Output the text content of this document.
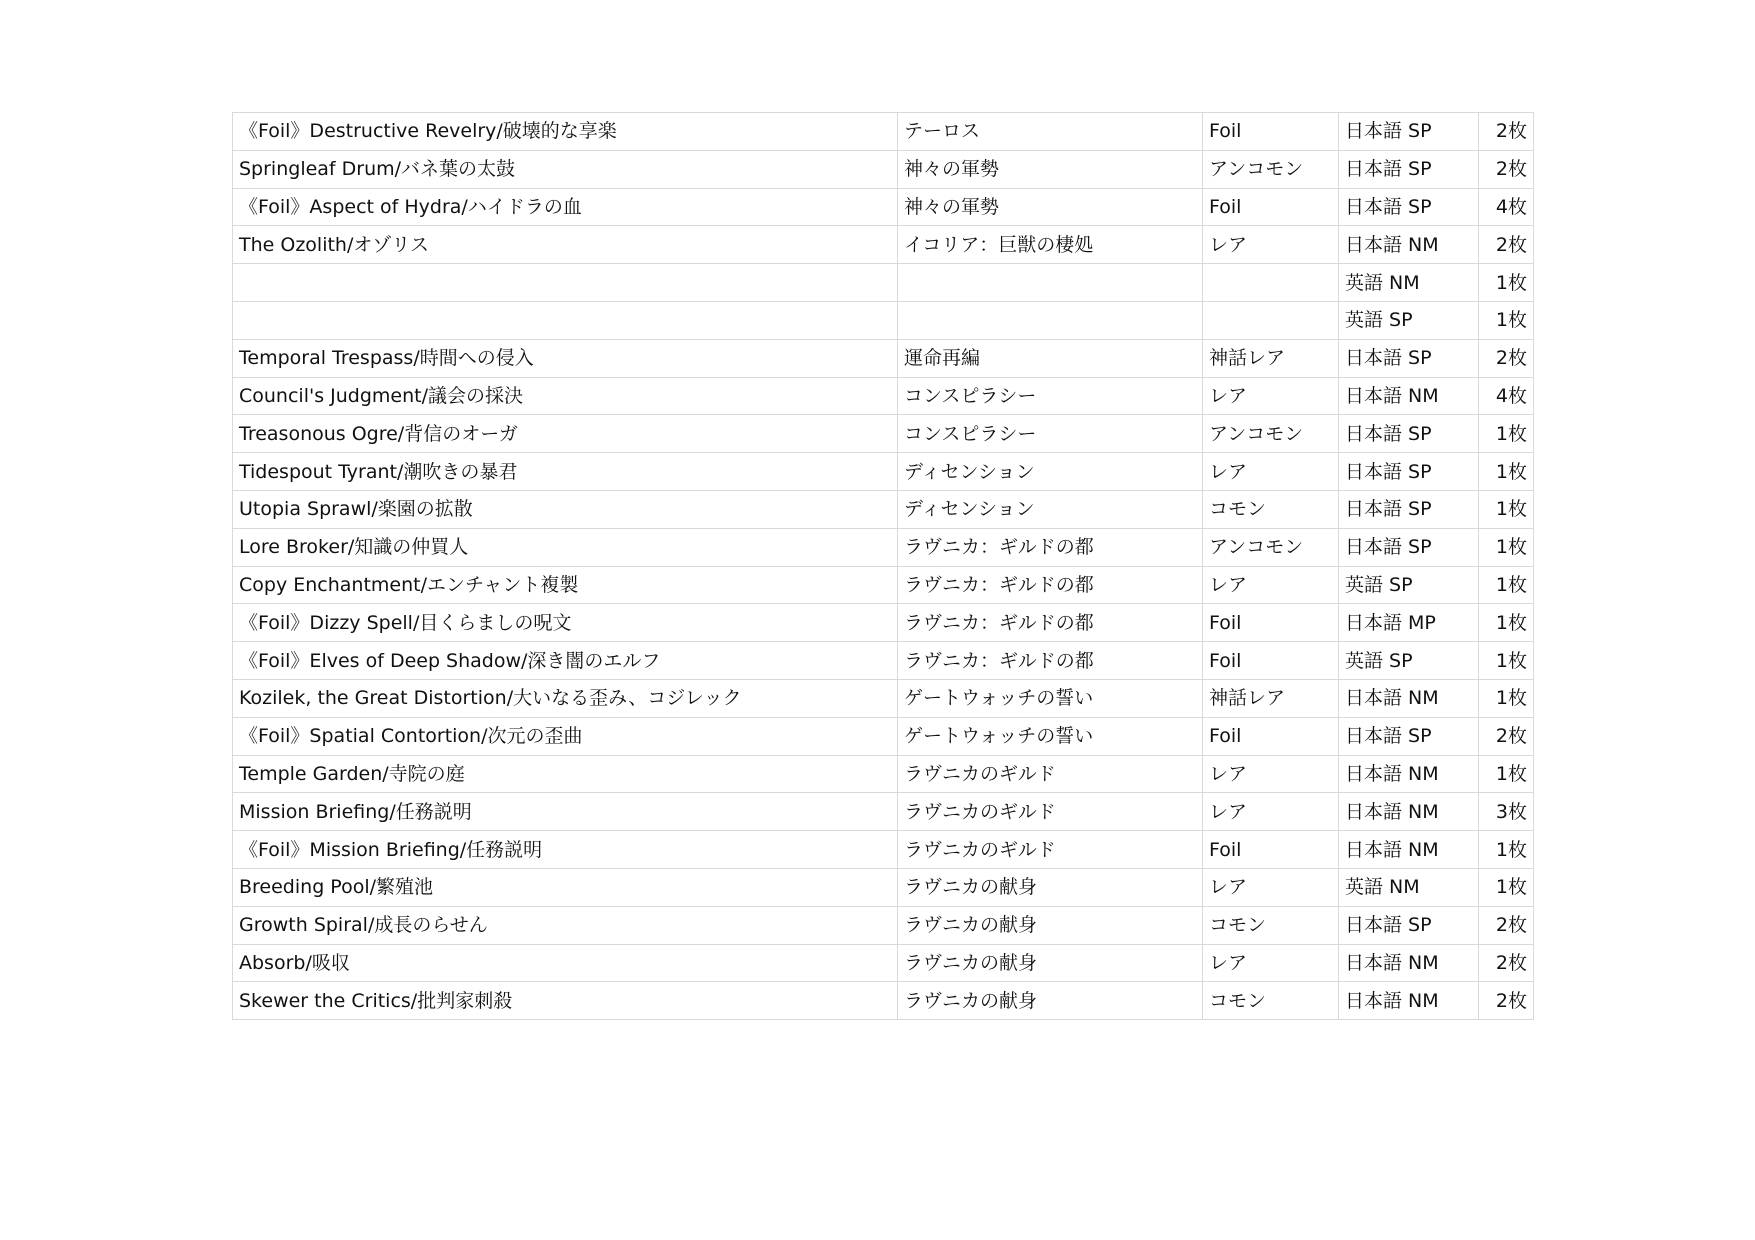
《Foil》Destructive Revelry/破壊的な享楽	テーロス	Foil	日本語 SP	2枚
Springleaf Drum/バネ葉の太鼓	神々の軍勢	アンコモン	日本語 SP	2枚
《Foil》Aspect of Hydra/ハイドラの血	神々の軍勢	Foil	日本語 SP	4枚
The Ozolith/オゾリス	イコリア：巨獣の棲処	レア	日本語 NM	2枚
			英語 NM	1枚
			英語 SP	1枚
Temporal Trespass/時間への侵入	運命再編	神話レア	日本語 SP	2枚
Council's Judgment/議会の採決	コンスピラシー	レア	日本語 NM	4枚
Treasonous Ogre/背信のオーガ	コンスピラシー	アンコモン	日本語 SP	1枚
Tidespout Tyrant/潮吹きの暴君	ディセンション	レア	日本語 SP	1枚
Utopia Sprawl/楽園の拡散	ディセンション	コモン	日本語 SP	1枚
Lore Broker/知識の仲買人	ラヴニカ：ギルドの都	アンコモン	日本語 SP	1枚
Copy Enchantment/エンチャント複製	ラヴニカ：ギルドの都	レア	英語 SP	1枚
《Foil》Dizzy Spell/目くらましの呪文	ラヴニカ：ギルドの都	Foil	日本語 MP	1枚
《Foil》Elves of Deep Shadow/深き闇のエルフ	ラヴニカ：ギルドの都	Foil	英語 SP	1枚
Kozilek, the Great Distortion/大いなる歪み、コジレック	ゲートウォッチの誓い	神話レア	日本語 NM	1枚
《Foil》Spatial Contortion/次元の歪曲	ゲートウォッチの誓い	Foil	日本語 SP	2枚
Temple Garden/寺院の庭	ラヴニカのギルド	レア	日本語 NM	1枚
Mission Briefing/任務説明	ラヴニカのギルド	レア	日本語 NM	3枚
《Foil》Mission Briefing/任務説明	ラヴニカのギルド	Foil	日本語 NM	1枚
Breeding Pool/繁殖池	ラヴニカの献身	レア	英語 NM	1枚
Growth Spiral/成長のらせん	ラヴニカの献身	コモン	日本語 SP	2枚
Absorb/吸収	ラヴニカの献身	レア	日本語 NM	2枚
Skewer the Critics/批判家刺殺	ラヴニカの献身	コモン	日本語 NM	2枚
